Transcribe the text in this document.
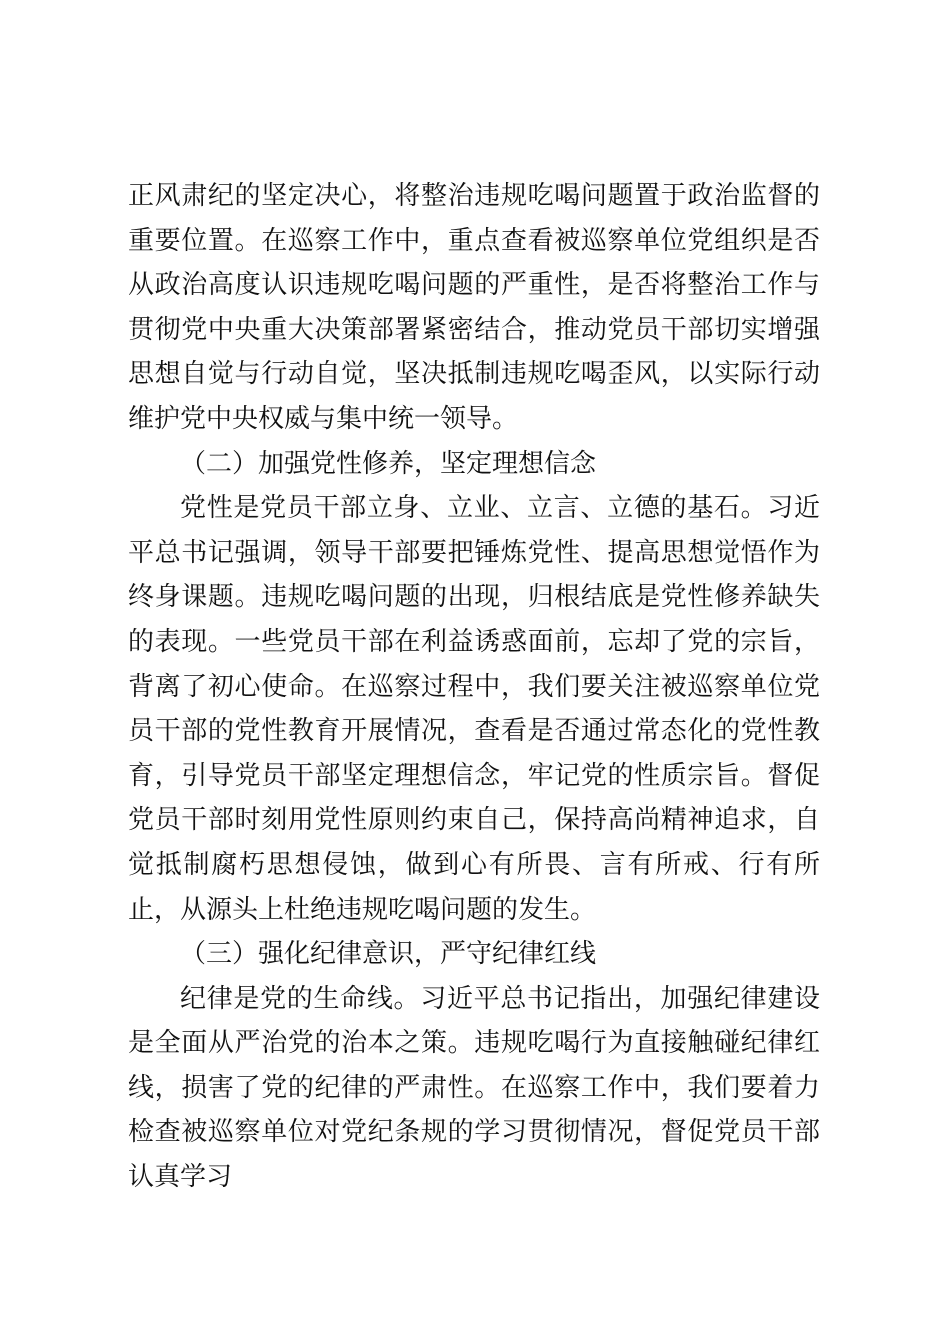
正风肃纪的坚定决心，将整治违规吃喝问题置于政治监督的重要位置。在巡察工作中，重点查看被巡察单位党组织是否从政治高度认识违规吃喝问题的严重性，是否将整治工作与贯彻党中央重大决策部署紧密结合，推动党员干部切实增强思想自觉与行动自觉，坚决抵制违规吃喝歪风，以实际行动维护党中央权威与集中统一领导。

（二）加强党性修养，坚定理想信念

党性是党员干部立身、立业、立言、立德的基石。习近平总书记强调，领导干部要把锤炼党性、提高思想觉悟作为终身课题。违规吃喝问题的出现，归根结底是党性修养缺失的表现。一些党员干部在利益诱惑面前，忘却了党的宗旨，背离了初心使命。在巡察过程中，我们要关注被巡察单位党员干部的党性教育开展情况，查看是否通过常态化的党性教育，引导党员干部坚定理想信念，牢记党的性质宗旨。督促党员干部时刻用党性原则约束自己，保持高尚精神追求，自觉抵制腐朽思想侵蚀，做到心有所畏、言有所戒、行有所止，从源头上杜绝违规吃喝问题的发生。

（三）强化纪律意识，严守纪律红线

纪律是党的生命线。习近平总书记指出，加强纪律建设是全面从严治党的治本之策。违规吃喝行为直接触碰纪律红线，损害了党的纪律的严肃性。在巡察工作中，我们要着力检查被巡察单位对党纪条规的学习贯彻情况，督促党员干部认真学习
